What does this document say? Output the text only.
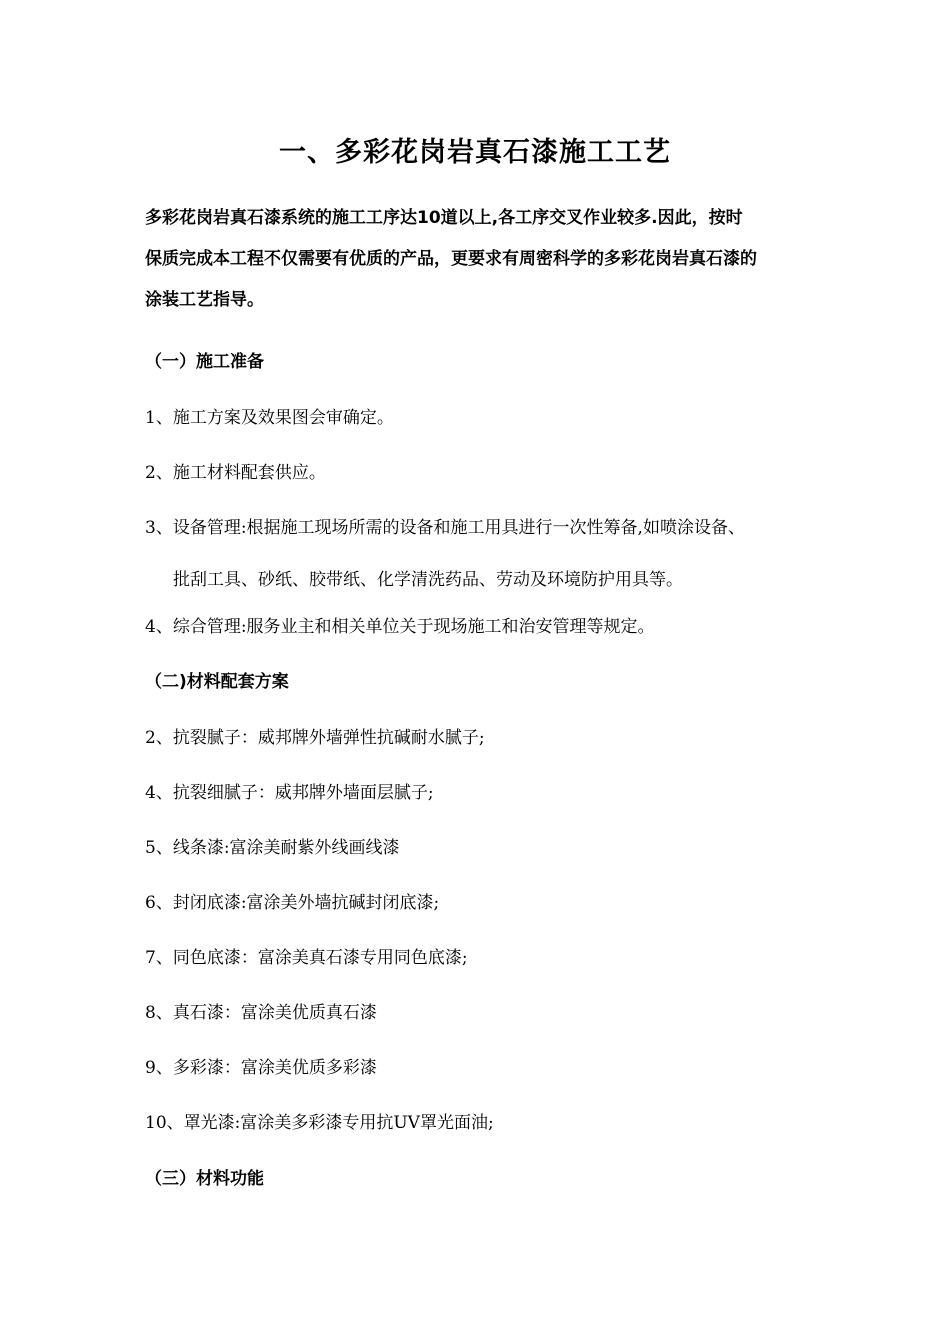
一、多彩花岗岩真石漆施工工艺

多彩花岗岩真石漆系统的施工工序达10道以上,各工序交叉作业较多.因此，按时
保质完成本工程不仅需要有优质的产品，更要求有周密科学的多彩花岗岩真石漆的
涂装工艺指导。

（一）施工准备

1、施工方案及效果图会审确定。

2、施工材料配套供应。

3、设备管理:根据施工现场所需的设备和施工用具进行一次性筹备,如喷涂设备、
批刮工具、砂纸、胶带纸、化学清洗药品、劳动及环境防护用具等。

4、综合管理:服务业主和相关单位关于现场施工和治安管理等规定。

（二)材料配套方案

2、抗裂腻子：威邦牌外墙弹性抗碱耐水腻子;

4、抗裂细腻子：威邦牌外墙面层腻子;

5、线条漆:富涂美耐紫外线画线漆

6、封闭底漆:富涂美外墙抗碱封闭底漆;

7、同色底漆：富涂美真石漆专用同色底漆;

8、真石漆：富涂美优质真石漆

9、多彩漆：富涂美优质多彩漆

10、罩光漆:富涂美多彩漆专用抗UV罩光面油;

（三）材料功能
